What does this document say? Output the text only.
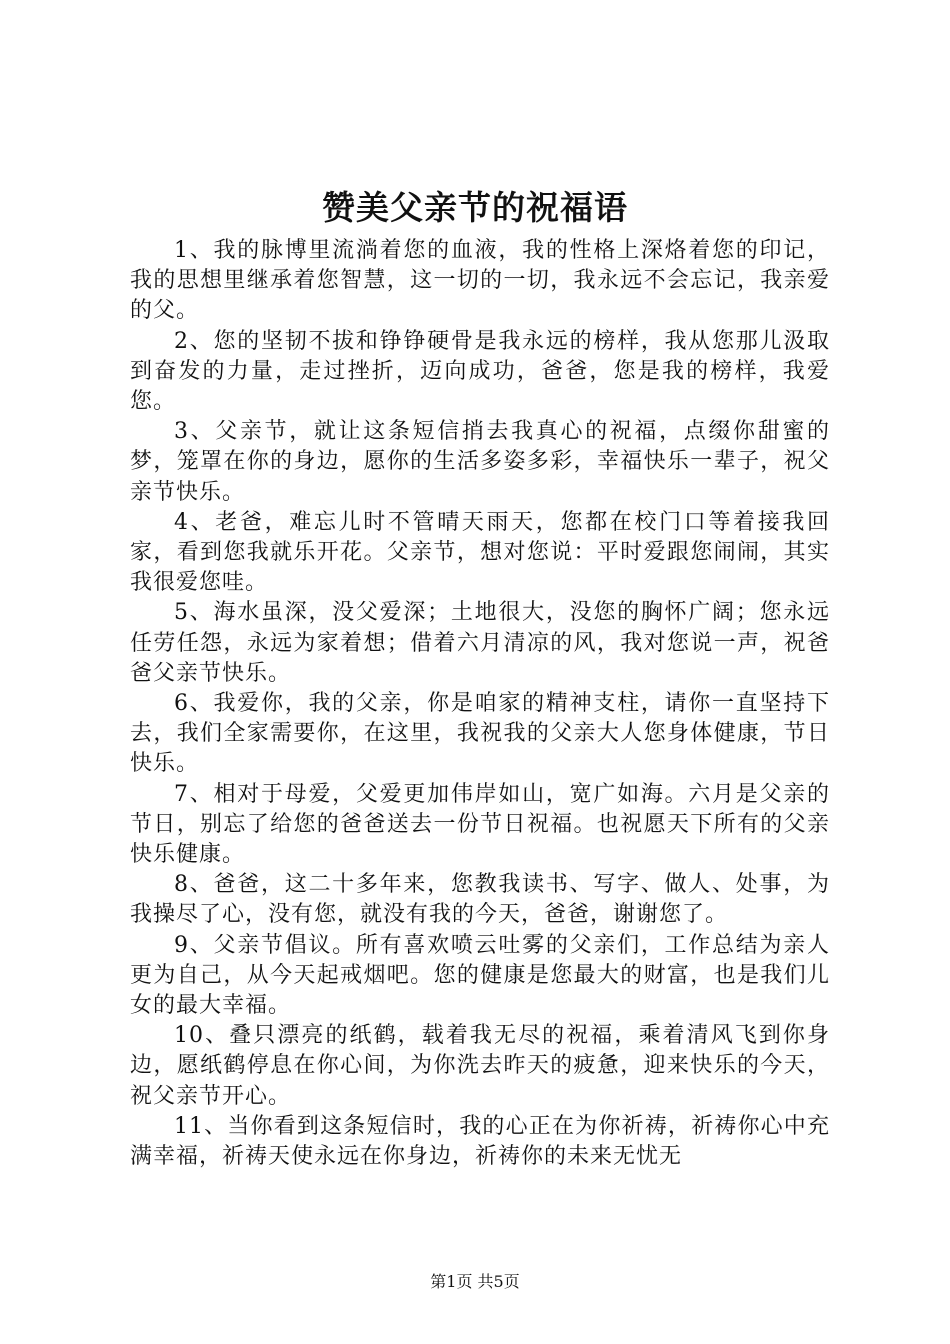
赞美父亲节的祝福语

1、我的脉博里流淌着您的血液，我的性格上深烙着您的印记，我的思想里继承着您智慧，这一切的一切，我永远不会忘记，我亲爱的父。

2、您的坚韧不拔和铮铮硬骨是我永远的榜样，我从您那儿汲取到奋发的力量，走过挫折，迈向成功，爸爸，您是我的榜样，我爱您。

3、父亲节，就让这条短信捎去我真心的祝福，点缀你甜蜜的梦，笼罩在你的身边，愿你的生活多姿多彩，幸福快乐一辈子，祝父亲节快乐。

4、老爸，难忘儿时不管晴天雨天，您都在校门口等着接我回家，看到您我就乐开花。父亲节，想对您说：平时爱跟您闹闹，其实我很爱您哇。

5、海水虽深，没父爱深；土地很大，没您的胸怀广阔；您永远任劳任怨，永远为家着想；借着六月清凉的风，我对您说一声，祝爸爸父亲节快乐。

6、我爱你，我的父亲，你是咱家的精神支柱，请你一直坚持下去，我们全家需要你，在这里，我祝我的父亲大人您身体健康，节日快乐。

7、相对于母爱，父爱更加伟岸如山，宽广如海。六月是父亲的节日，别忘了给您的爸爸送去一份节日祝福。也祝愿天下所有的父亲快乐健康。

8、爸爸，这二十多年来，您教我读书、写字、做人、处事，为我操尽了心，没有您，就没有我的今天，爸爸，谢谢您了。

9、父亲节倡议。所有喜欢喷云吐雾的父亲们，工作总结为亲人更为自己，从今天起戒烟吧。您的健康是您最大的财富，也是我们儿女的最大幸福。

10、叠只漂亮的纸鹤，载着我无尽的祝福，乘着清风飞到你身边，愿纸鹤停息在你心间，为你洗去昨天的疲惫，迎来快乐的今天，祝父亲节开心。

11、当你看到这条短信时，我的心正在为你祈祷，祈祷你心中充满幸福，祈祷天使永远在你身边，祈祷你的未来无忧无

第1页 共5页
